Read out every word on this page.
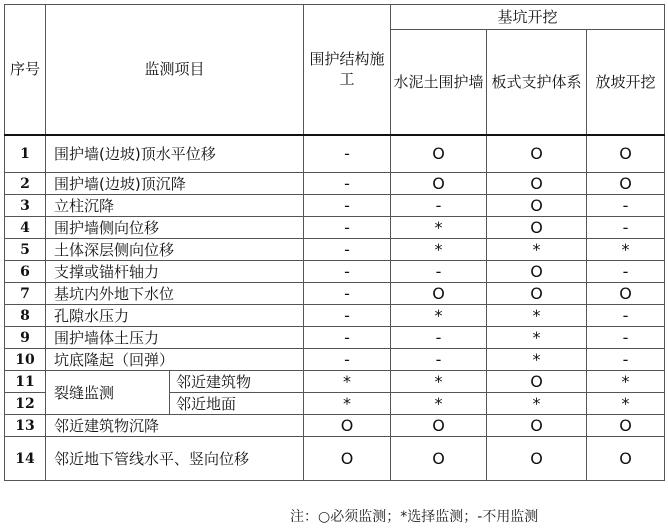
序号	监测项目		围护结构施工	基坑开挖		
				水泥土围护墙	板式支护体系	放坡开挖
1	围护墙(边坡)顶水平位移		-	O	O	O
2	围护墙(边坡)顶沉降		-	O	O	O
3	立柱沉降		-	-	O	-
4	围护墙侧向位移		-	*	O	-
5	土体深层侧向位移		-	*	*	*
6	支撑或锚杆轴力		-	-	O	-
7	基坑内外地下水位		-	O	O	O
8	孔隙水压力		-	*	*	-
9	围护墙体土压力		-	-	*	-
10	坑底隆起（回弹）		-	-	*	-
11	裂缝监测	邻近建筑物	*	*	O	*
12		邻近地面	*	*	*	*
13	邻近建筑物沉降		O	O	O	O
14	邻近地下管线水平、竖向位移		O	O	O	O
注：○必须监测；*选择监测；-不用监测
